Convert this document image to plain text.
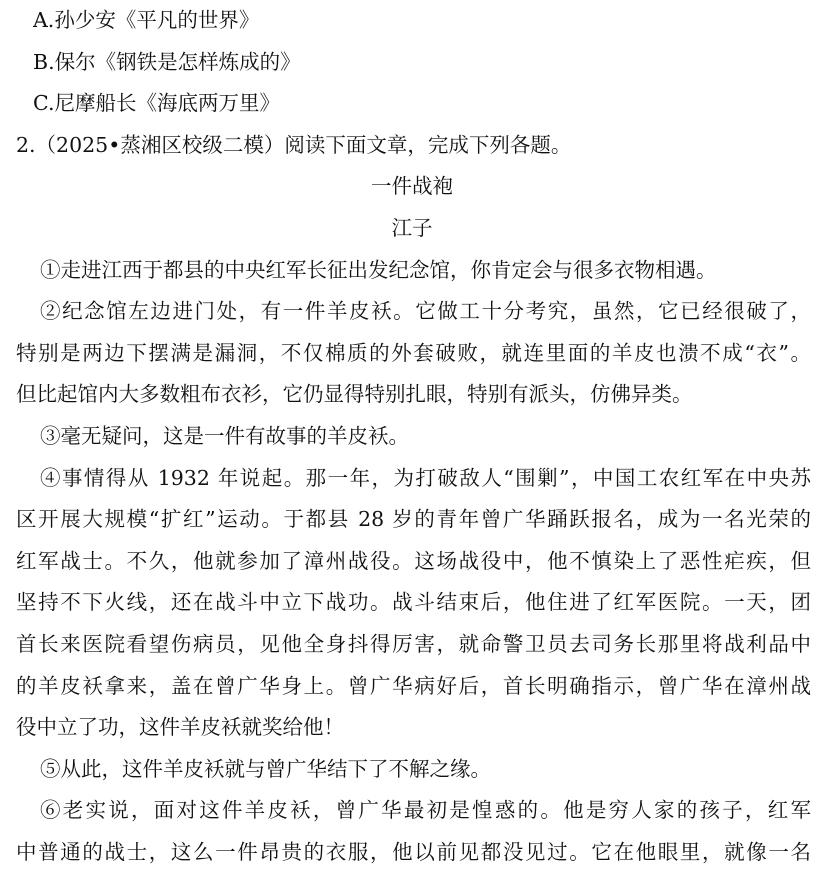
A.孙少安《平凡的世界》
B.保尔《钢铁是怎样炼成的》
C.尼摩船长《海底两万里》
2.（2025•蒸湘区校级二模）阅读下面文章，完成下列各题。
一件战袍
江子
①走进江西于都县的中央红军长征出发纪念馆，你肯定会与很多衣物相遇。
②纪念馆左边进门处，有一件羊皮袄。它做工十分考究，虽然，它已经很破了，
特别是两边下摆满是漏洞，不仅棉质的外套破败，就连里面的羊皮也溃不成“衣”。
但比起馆内大多数粗布衣衫，它仍显得特别扎眼，特别有派头，仿佛异类。
③毫无疑问，这是一件有故事的羊皮袄。
④事情得从 1932 年说起。那一年，为打破敌人“围剿”，中国工农红军在中央苏
区开展大规模“扩红”运动。于都县 28 岁的青年曾广华踊跃报名，成为一名光荣的
红军战士。不久，他就参加了漳州战役。这场战役中，他不慎染上了恶性疟疾，但
坚持不下火线，还在战斗中立下战功。战斗结束后，他住进了红军医院。一天，团
首长来医院看望伤病员，见他全身抖得厉害，就命警卫员去司务长那里将战利品中
的羊皮袄拿来，盖在曾广华身上。曾广华病好后，首长明确指示，曾广华在漳州战
役中立了功，这件羊皮袄就奖给他！
⑤从此，这件羊皮袄就与曾广华结下了不解之缘。
⑥老实说，面对这件羊皮袄，曾广华最初是惶惑的。他是穷人家的孩子，红军
中普通的战士，这么一件昂贵的衣服，他以前见都没见过。它在他眼里，就像一名
